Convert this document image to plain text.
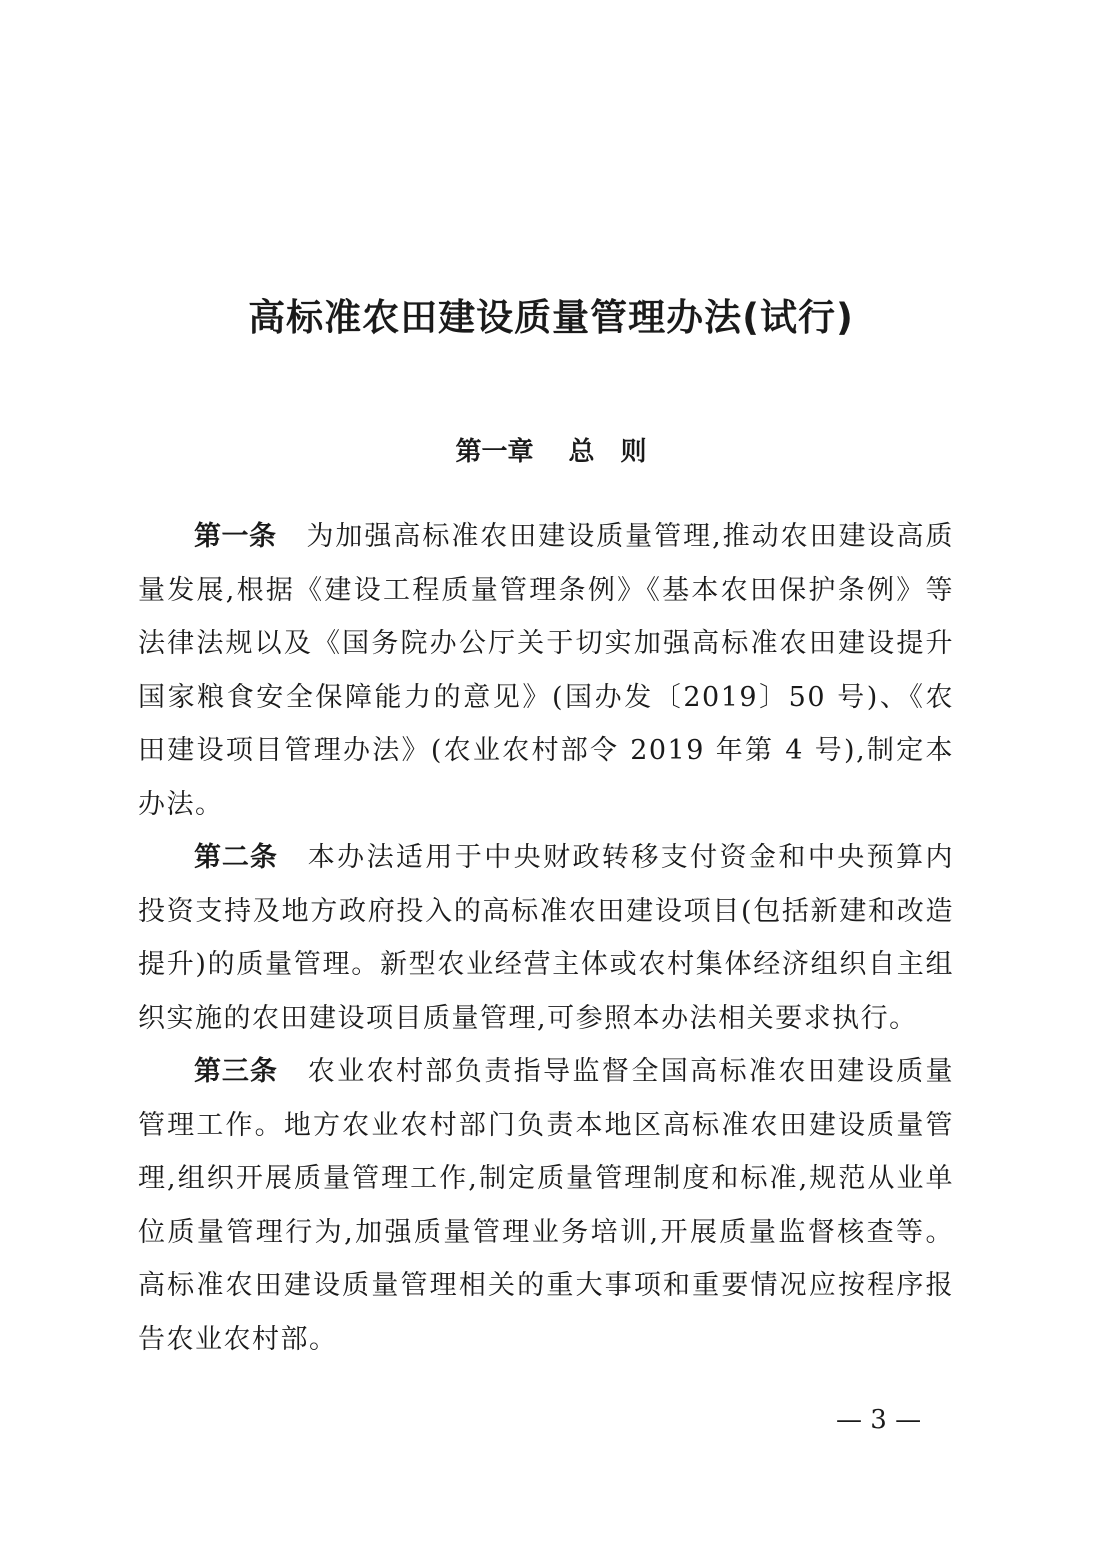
高标准农田建设质量管理办法(试行)
第一章　 总　则

第一条 为加强高标准农田建设质量管理,推动农田建设高质量发展,根据《建设工程质量管理条例》《基本农田保护条例》等法律法规以及《国务院办公厅关于切实加强高标准农田建设提升国家粮食安全保障能力的意见》(国办发〔2019〕50 号)、《农田建设项目管理办法》(农业农村部令 2019 年第 4 号),制定本办法。

第二条 本办法适用于中央财政转移支付资金和中央预算内投资支持及地方政府投入的高标准农田建设项目(包括新建和改造提升)的质量管理。新型农业经营主体或农村集体经济组织自主组织实施的农田建设项目质量管理,可参照本办法相关要求执行。

第三条 农业农村部负责指导监督全国高标准农田建设质量管理工作。地方农业农村部门负责本地区高标准农田建设质量管理,组织开展质量管理工作,制定质量管理制度和标准,规范从业单位质量管理行为,加强质量管理业务培训,开展质量监督核查等。高标准农田建设质量管理相关的重大事项和重要情况应按程序报告农业农村部。

— 3 —
